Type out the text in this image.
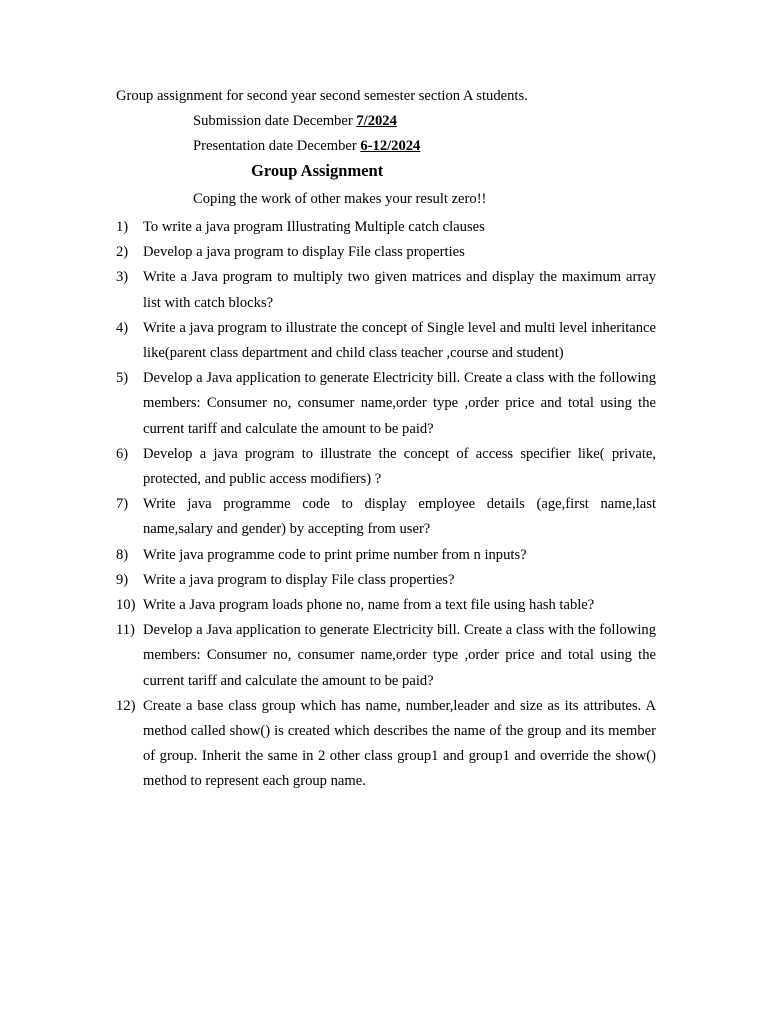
Group assignment for second year second semester section A students.
Submission date December 7/2024
Presentation date December 6-12/2024
Group Assignment
Coping the work of other makes your result zero!!
1) To write a java program Illustrating Multiple catch clauses
2) Develop a java program to display File class properties
3) Write a Java program to multiply two given matrices and display the maximum array list with catch blocks?
4) Write a java program to illustrate the concept of Single level and multi level inheritance like(parent class department and child class teacher ,course and student)
5) Develop a Java application to generate Electricity bill. Create a class with the following members: Consumer no, consumer name,order type ,order price and total using the current tariff and calculate the amount to be paid?
6) Develop a java program to illustrate the concept of access specifier like( private, protected, and public access modifiers) ?
7) Write java programme code to display employee details (age,first name,last name,salary and gender) by accepting from user?
8) Write java programme code to print prime number from n inputs?
9) Write a java program to display File class properties?
10) Write a Java program loads phone no, name from a text file using hash table?
11) Develop a Java application to generate Electricity bill. Create a class with the following members: Consumer no, consumer name,order type ,order price and total using the current tariff and calculate the amount to be paid?
12) Create a base class group which has name, number,leader and size as its attributes. A method called show() is created which describes the name of the group and its member of group. Inherit the same in 2 other class group1 and group1 and override the show() method to represent each group name.
